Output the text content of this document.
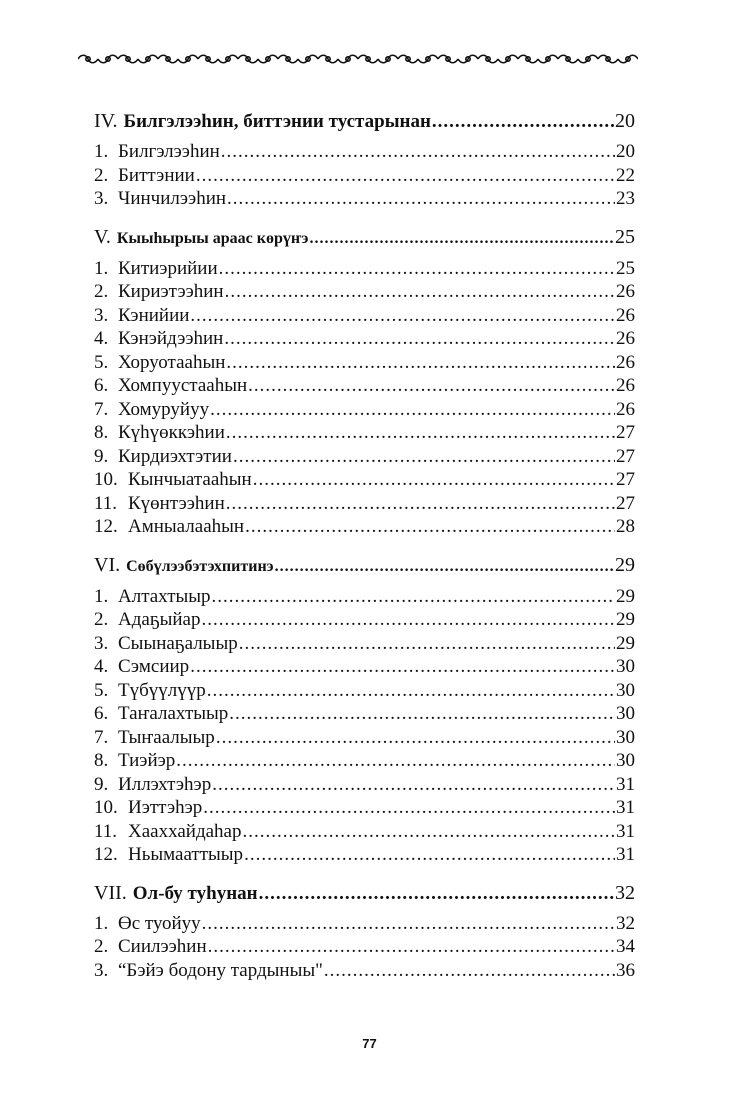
IV. Билгэлээһин, биттэнии тустарынан .....	20
1. Билгэлээһин .....	20
2. Биттэнии .....	22
3. Чинчилээһин .....	23
V. Кыыһырыы араас көрүҥэ .....	25
1. Китиэрийии .....	25
2. Кириэтээһин .....	26
3. Кэнийии .....	26
4. Кэнэйдээһин .....	26
5. Хоруотааһын .....	26
6. Хомпуустааһын .....	26
7. Хомуруйуу .....	26
8. Күһүөккэһии .....	27
9. Кирдиэхтэтии .....	27
10. Кынчыатааһын .....	27
11. Күөнтээһин .....	27
12. Амныалааһын .....	28
VI. Сөбүлээбэтэхпитинэ .....	29
1. Алтахтыыр .....	29
2. Адаҕыйар .....	29
3. Сыынаҕалыыр .....	29
4. Сэмсиир .....	30
5. Түбүүлүүр .....	30
6. Таҥалахтыыр .....	30
7. Тыҥаалыыр .....	30
8. Тиэйэр .....	30
9. Иллэхтэһэр .....	31
10. Иэттэһэр .....	31
11. Хааххайдаһар .....	31
12. Ньымааттыыр .....	31
VII. Ол-бу туһунан .....	32
1. Өс туойуу .....	32
2. Сиилээһин .....	34
3. “Бэйэ бодону тардыныы" .....	36
77
